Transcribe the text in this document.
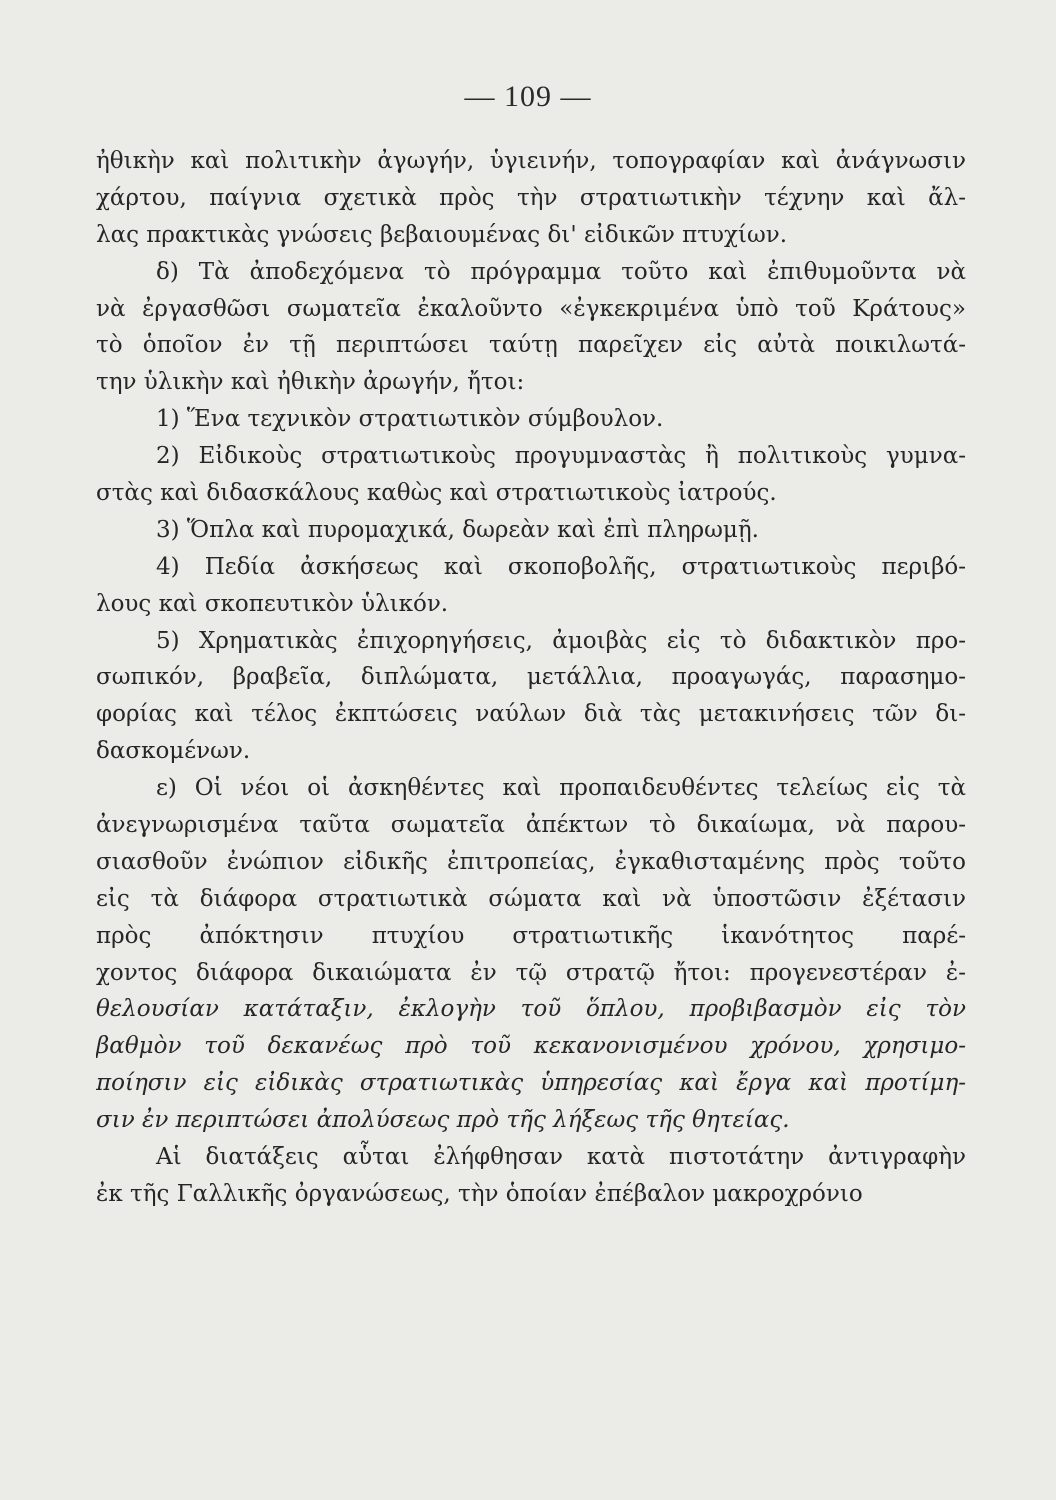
— 109 —
ἠθικὴν καὶ πολιτικὴν ἀγωγήν, ὑγιεινήν, τοπογραφίαν καὶ ἀνάγνωσιν
χάρτου, παίγνια σχετικὰ πρὸς τὴν στρατιωτικὴν τέχνην καὶ ἄλ-
λας πρακτικὰς γνώσεις βεβαιουμένας δι' εἰδικῶν πτυχίων.
δ) Τὰ ἀποδεχόμενα τὸ πρόγραμμα τοῦτο καὶ ἐπιθυμοῦντα νὰ
νὰ ἐργασθῶσι σωματεῖα ἐκαλοῦντο «ἐγκεκριμένα ὑπὸ τοῦ Κράτους»
τὸ ὁποῖον ἐν τῇ περιπτώσει ταύτῃ παρεῖχεν εἰς αὐτὰ ποικιλωτά-
την ὑλικὴν καὶ ἠθικὴν ἀρωγήν, ἤτοι:
1) Ἕνα τεχνικὸν στρατιωτικὸν σύμβουλον.
2) Εἰδικοὺς στρατιωτικοὺς προγυμναστὰς ἢ πολιτικοὺς γυμνα-
στὰς καὶ διδασκάλους καθὼς καὶ στρατιωτικοὺς ἰατρούς.
3) Ὅπλα καὶ πυρομαχικά, δωρεὰν καὶ ἐπὶ πληρωμῇ.
4) Πεδία ἀσκήσεως καὶ σκοποβολῆς, στρατιωτικοὺς περιβό-
λους καὶ σκοπευτικὸν ὑλικόν.
5) Χρηματικὰς ἐπιχορηγήσεις, ἀμοιβὰς εἰς τὸ διδακτικὸν προ-
σωπικόν, βραβεῖα, διπλώματα, μετάλλια, προαγωγάς, παρασημο-
φορίας καὶ τέλος ἐκπτώσεις ναύλων διὰ τὰς μετακινήσεις τῶν δι-
δασκομένων.
ε) Οἱ νέοι οἱ ἀσκηθέντες καὶ προπαιδευθέντες τελείως εἰς τὰ
ἀνεγνωρισμένα ταῦτα σωματεῖα ἀπέκτων τὸ δικαίωμα, νὰ παρου-
σιασθοῦν ἐνώπιον εἰδικῆς ἐπιτροπείας, ἐγκαθισταμένης πρὸς τοῦτο
εἰς τὰ διάφορα στρατιωτικὰ σώματα καὶ νὰ ὑποστῶσιν ἐξέτασιν
πρὸς ἀπόκτησιν πτυχίου στρατιωτικῆς ἱκανότητος παρέ-
χοντος διάφορα δικαιώματα ἐν τῷ στρατῷ ἤτοι: προγενεστέραν ἐ-
θελουσίαν κατάταξιν, ἐκλογὴν τοῦ ὅπλου, προβιβασμὸν εἰς τὸν
βαθμὸν τοῦ δεκανέως πρὸ τοῦ κεκανονισμένου χρόνου, χρησιμο-
ποίησιν εἰς εἰδικὰς στρατιωτικὰς ὑπηρεσίας καὶ ἔργα καὶ προτίμη-
σιν ἐν περιπτώσει ἀπολύσεως πρὸ τῆς λήξεως τῆς θητείας.
Αἱ διατάξεις αὗται ἐλήφθησαν κατὰ πιστοτάτην ἀντιγραφὴν
ἐκ τῆς Γαλλικῆς ὀργανώσεως, τὴν ὁποίαν ἐπέβαλον μακροχρόνιο
